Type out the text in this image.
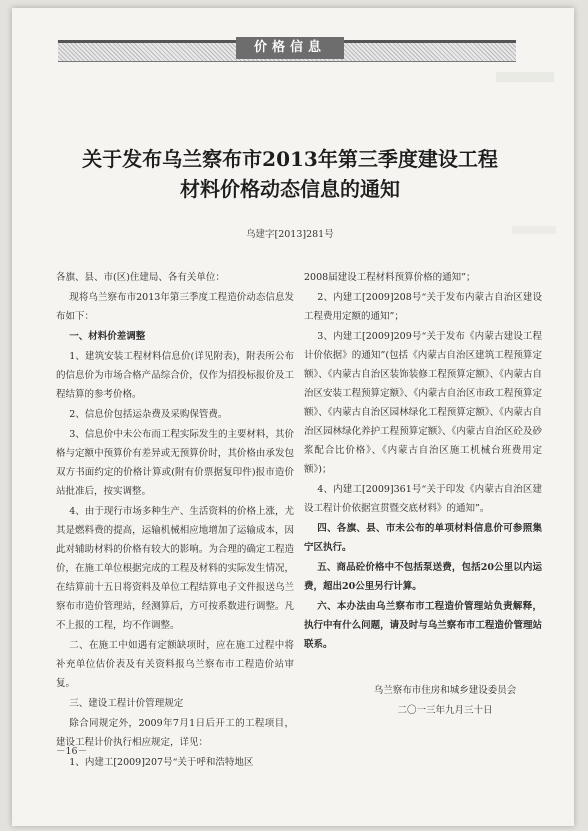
价格信息
关于发布乌兰察布市2013年第三季度建设工程
材料价格动态信息的通知
乌建字[2013]281号
各旗、县、市(区)住建局、各有关单位：
现将乌兰察布市2013年第三季度工程造价动态信息发布如下：
一、材料价差调整
1、建筑安装工程材料信息价(详见附表)，附表所公布的信息价为市场合格产品综合价，仅作为招投标报价及工程结算的参考价格。
2、信息价包括运杂费及采购保管费。
3、信息价中未公布而工程实际发生的主要材料，其价格与定额中预算价有差异或无预算价时，其价格由承发包双方书面约定的价格计算或(附有价票据复印件)报市造价站批准后，按实调整。
4、由于现行市场多种生产、生活资料的价格上涨，尤其是燃料费的提高，运输机械相应地增加了运输成本，因此对辅助材料的价格有较大的影响。为合理的确定工程造价，在施工单位根据完成的工程及材料的实际发生情况，在结算前十五日将资料及单位工程结算电子文件报送乌兰察布市造价管理站，经测算后，方可按系数进行调整。凡不上报的工程，均不作调整。
二、在施工中如遇有定额缺项时，应在施工过程中将补充单位估价表及有关资料报乌兰察布市工程造价站审复。
三、建设工程计价管理规定
除合同规定外，2009年7月1日后开工的工程项目，建设工程计价执行相应规定，详见：
1、内建工[2009]207号“关于呼和浩特地区
2008届建设工程材料预算价格的通知”；
2、内建工[2009]208号“关于发布内蒙古自治区建设工程费用定额的通知”；
3、内建工[2009]209号“关于发布《内蒙古建设工程计价依据》的通知”(包括《内蒙古自治区建筑工程预算定额》、《内蒙古自治区装饰装修工程预算定额》、《内蒙古自治区安装工程预算定额》、《内蒙古自治区市政工程预算定额》、《内蒙古自治区园林绿化工程预算定额》、《内蒙古自治区园林绿化养护工程预算定额》、《内蒙古自治区砼及砂浆配合比价格》、《内蒙古自治区施工机械台班费用定额》)；
4、内建工[2009]361号“关于印发《内蒙古自治区建设工程计价依据宣贯暨交底材料》的通知”。
四、各旗、县、市未公布的单项材料信息价可参照集宁区执行。
五、商品砼价格中不包括泵送费，包括20公里以内运费，超出20公里另行计算。
六、本办法由乌兰察布市工程造价管理站负责解释，执行中有什么问题，请及时与乌兰察布市工程造价管理站联系。
乌兰察布市住房和城乡建设委员会
二〇一三年九月三十日
－16－
